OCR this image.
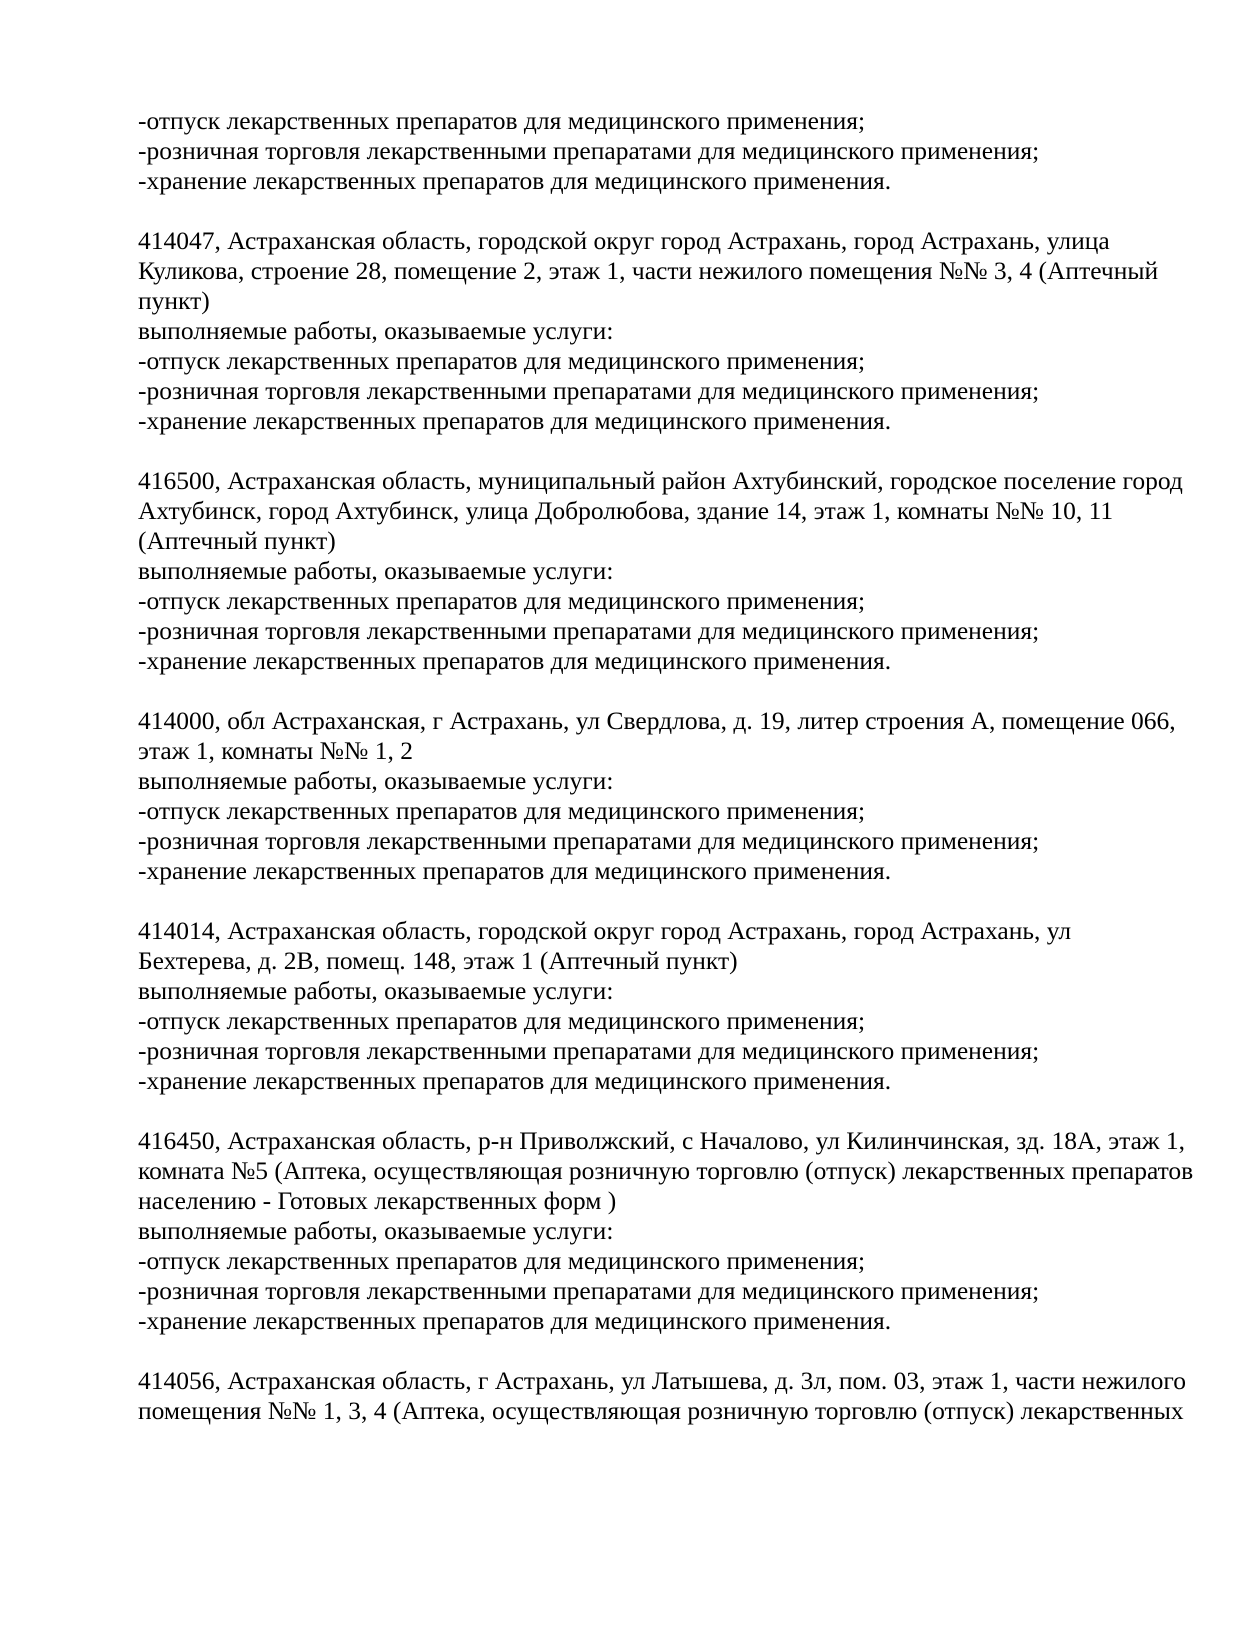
-отпуск лекарственных препаратов для медицинского применения;
-розничная торговля лекарственными препаратами для медицинского применения;
-хранение лекарственных препаратов для медицинского применения.
414047, Астраханская область, городской округ город Астрахань, город Астрахань, улица
Куликова, строение 28, помещение 2, этаж 1, части нежилого помещения №№ 3, 4 (Аптечный
пункт)
выполняемые работы, оказываемые услуги:
-отпуск лекарственных препаратов для медицинского применения;
-розничная торговля лекарственными препаратами для медицинского применения;
-хранение лекарственных препаратов для медицинского применения.
416500, Астраханская область, муниципальный район Ахтубинский, городское поселение город
Ахтубинск, город Ахтубинск, улица Добролюбова, здание 14, этаж 1, комнаты №№ 10, 11
(Аптечный пункт)
выполняемые работы, оказываемые услуги:
-отпуск лекарственных препаратов для медицинского применения;
-розничная торговля лекарственными препаратами для медицинского применения;
-хранение лекарственных препаратов для медицинского применения.
414000, обл Астраханская, г Астрахань, ул Свердлова, д. 19, литер строения А, помещение 066,
этаж 1, комнаты №№ 1, 2
выполняемые работы, оказываемые услуги:
-отпуск лекарственных препаратов для медицинского применения;
-розничная торговля лекарственными препаратами для медицинского применения;
-хранение лекарственных препаратов для медицинского применения.
414014, Астраханская область, городской округ город Астрахань, город Астрахань, ул
Бехтерева, д. 2В, помещ. 148, этаж 1 (Аптечный пункт)
выполняемые работы, оказываемые услуги:
-отпуск лекарственных препаратов для медицинского применения;
-розничная торговля лекарственными препаратами для медицинского применения;
-хранение лекарственных препаратов для медицинского применения.
416450, Астраханская область, р-н Приволжский, с Началово, ул Килинчинская, зд. 18А, этаж 1,
комната №5 (Аптека, осуществляющая розничную торговлю (отпуск) лекарственных препаратов
населению - Готовых лекарственных форм )
выполняемые работы, оказываемые услуги:
-отпуск лекарственных препаратов для медицинского применения;
-розничная торговля лекарственными препаратами для медицинского применения;
-хранение лекарственных препаратов для медицинского применения.
414056, Астраханская область, г Астрахань, ул Латышева, д. 3л, пом. 03, этаж 1, части нежилого
помещения №№ 1, 3, 4 (Аптека, осуществляющая розничную торговлю (отпуск) лекарственных
